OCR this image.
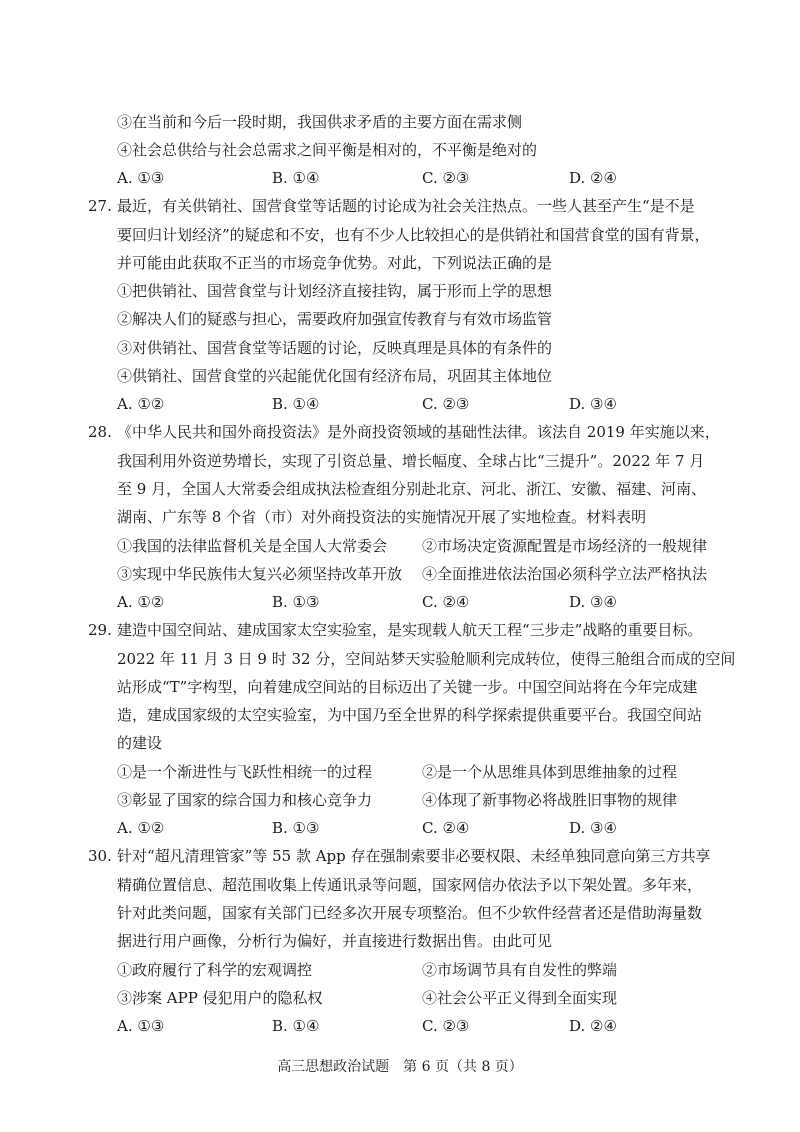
③在当前和今后一段时期，我国供求矛盾的主要方面在需求侧
④社会总供给与社会总需求之间平衡是相对的，不平衡是绝对的
A. ①③	B. ①④	C. ②③	D. ②④
27. 最近，有关供销社、国营食堂等话题的讨论成为社会关注热点。一些人甚至产生“是不是
要回归计划经济”的疑虑和不安，也有不少人比较担心的是供销社和国营食堂的国有背景，
并可能由此获取不正当的市场竞争优势。对此，下列说法正确的是
①把供销社、国营食堂与计划经济直接挂钩，属于形而上学的思想
②解决人们的疑惑与担心，需要政府加强宣传教育与有效市场监管
③对供销社、国营食堂等话题的讨论，反映真理是具体的有条件的
④供销社、国营食堂的兴起能优化国有经济布局，巩固其主体地位
A. ①②	B. ①④	C. ②③	D. ③④
28. 《中华人民共和国外商投资法》是外商投资领域的基础性法律。该法自 2019 年实施以来，
我国利用外资逆势增长，实现了引资总量、增长幅度、全球占比“三提升”。2022 年 7 月
至 9 月，全国人大常委会组成执法检查组分别赴北京、河北、浙江、安徽、福建、河南、
湖南、广东等 8 个省（市）对外商投资法的实施情况开展了实地检查。材料表明
①我国的法律监督机关是全国人大常委会 ②市场决定资源配置是市场经济的一般规律
③实现中华民族伟大复兴必须坚持改革开放 ④全面推进依法治国必须科学立法严格执法
A. ①②	B. ①③	C. ②④	D. ③④
29. 建造中国空间站、建成国家太空实验室，是实现载人航天工程“三步走”战略的重要目标。
2022 年 11 月 3 日 9 时 32 分，空间站梦天实验舱顺利完成转位，使得三舱组合而成的空间
站形成“T”字构型，向着建成空间站的目标迈出了关键一步。中国空间站将在今年完成建
造，建成国家级的太空实验室，为中国乃至全世界的科学探索提供重要平台。我国空间站
的建设
①是一个渐进性与飞跃性相统一的过程	②是一个从思维具体到思维抽象的过程
③彰显了国家的综合国力和核心竞争力	④体现了新事物必将战胜旧事物的规律
A. ①②	B. ①③	C. ②④	D. ③④
30. 针对“超凡清理管家”等 55 款 App 存在强制索要非必要权限、未经单独同意向第三方共享
精确位置信息、超范围收集上传通讯录等问题，国家网信办依法予以下架处置。多年来，
针对此类问题，国家有关部门已经多次开展专项整治。但不少软件经营者还是借助海量数
据进行用户画像，分析行为偏好，并直接进行数据出售。由此可见
①政府履行了科学的宏观调控	②市场调节具有自发性的弊端
③涉案 APP 侵犯用户的隐私权	④社会公平正义得到全面实现
A. ①③	B. ①④	C. ②③	D. ②④
高三思想政治试题　第 6 页（共 8 页）
